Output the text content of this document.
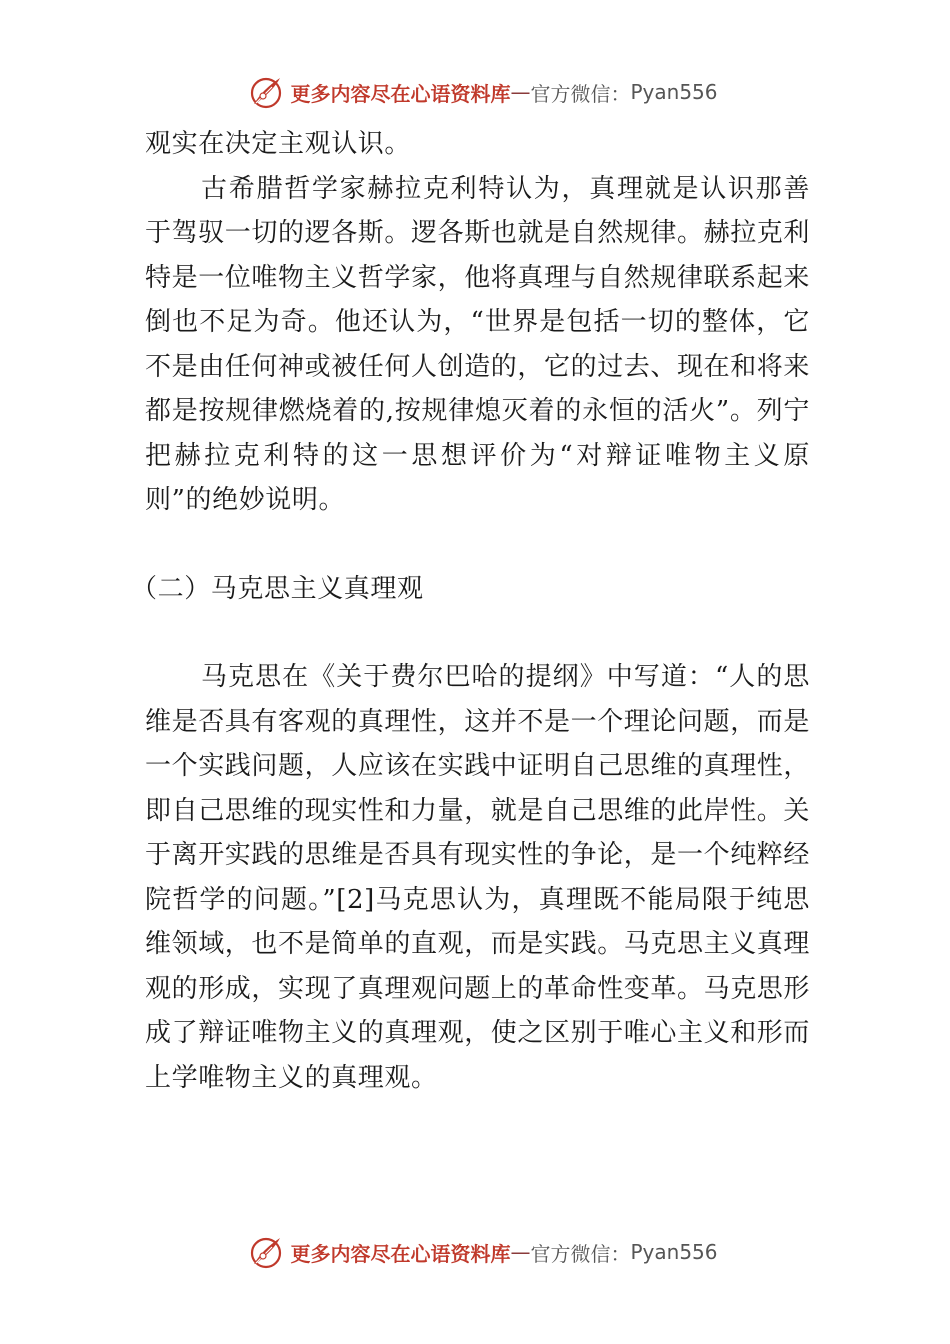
更多内容尽在心语资料库 — 官方微信： Pyan556

观实在决定主观认识。

古希腊哲学家赫拉克利特认为，真理就是认识那善于驾驭一切的逻各斯。逻各斯也就是自然规律。赫拉克利特是一位唯物主义哲学家，他将真理与自然规律联系起来倒也不足为奇。他还认为，“世界是包括一切的整体，它不是由任何神或被任何人创造的，它的过去、现在和将来都是按规律燃烧着的,按规律熄灭着的永恒的活火”。列宁把赫拉克利特的这一思想评价为“对辩证唯物主义原则”的绝妙说明。

（二）马克思主义真理观

马克思在《关于费尔巴哈的提纲》中写道：“人的思维是否具有客观的真理性，这并不是一个理论问题，而是一个实践问题，人应该在实践中证明自己思维的真理性，即自己思维的现实性和力量，就是自己思维的此岸性。关于离开实践的思维是否具有现实性的争论，是一个纯粹经院哲学的问题。”[2]马克思认为，真理既不能局限于纯思维领域，也不是简单的直观，而是实践。马克思主义真理观的形成，实现了真理观问题上的革命性变革。马克思形成了辩证唯物主义的真理观，使之区别于唯心主义和形而上学唯物主义的真理观。

更多内容尽在心语资料库 — 官方微信： Pyan556
